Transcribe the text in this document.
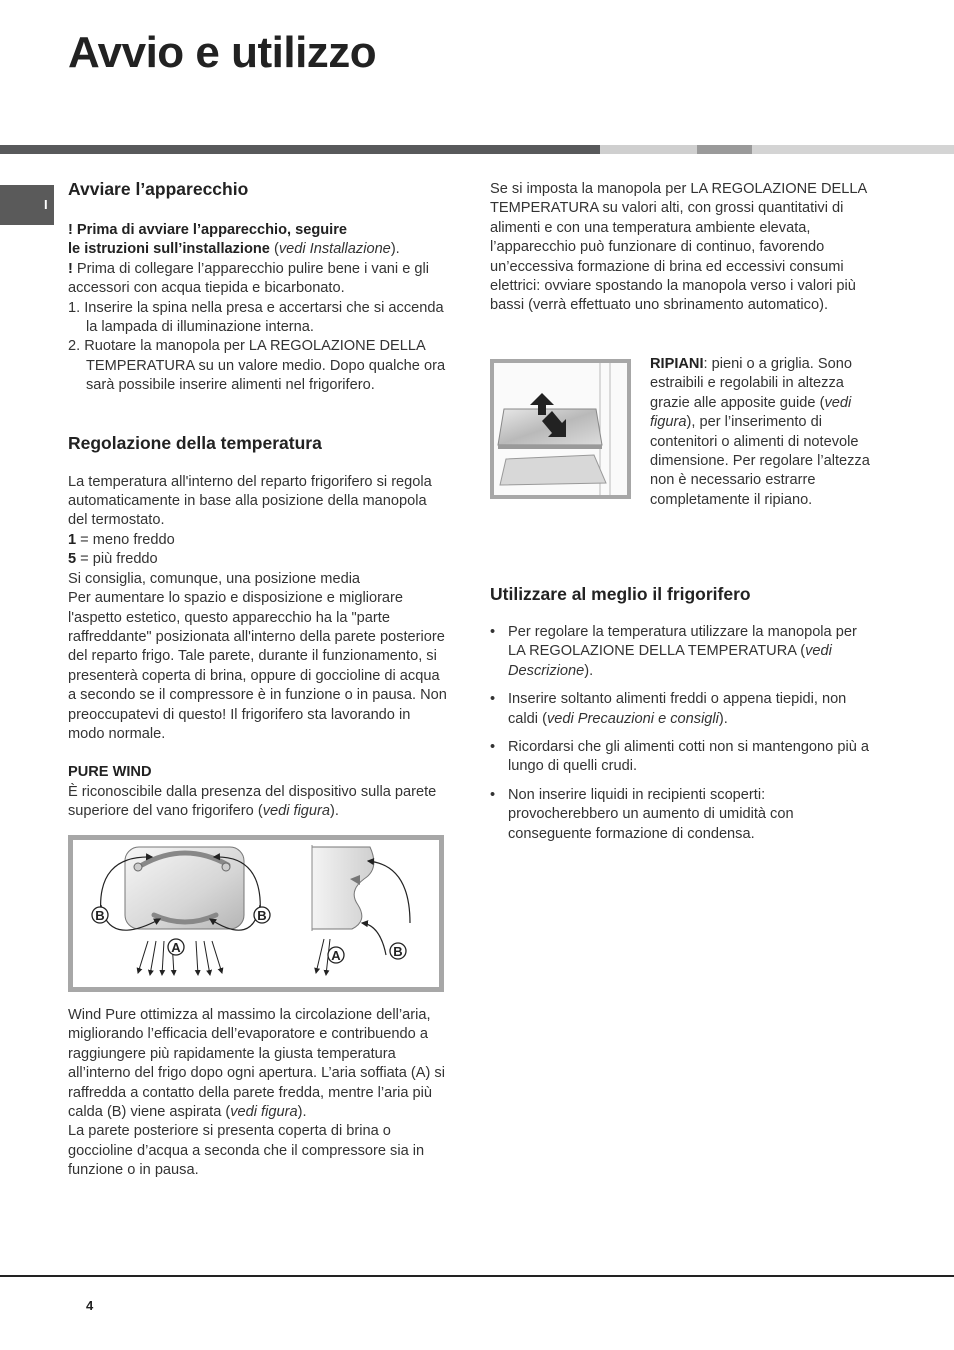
Avvio e utilizzo
I
Avviare l’apparecchio

! Prima di avviare l’apparecchio, seguire
le istruzioni sull’installazione (vedi Installazione).

! Prima di collegare l’apparecchio pulire bene i vani e gli accessori con acqua tiepida e bicarbonato.

1. Inserire la spina nella presa e accertarsi che si accenda la lampada di illuminazione interna.

2. Ruotare la manopola per LA REGOLAZIONE DELLA TEMPERATURA su un valore medio. Dopo qualche ora sarà possibile inserire alimenti nel frigorifero.

Regolazione della temperatura

La temperatura all'interno del reparto frigorifero si regola automaticamente in base alla posizione della manopola del termostato.

1 = meno freddo

5 = più freddo

Si consiglia, comunque, una posizione media

Per aumentare lo spazio e disposizione e migliorare l'aspetto estetico, questo apparecchio ha la "parte raffreddante" posizionata all'interno della parete posteriore del reparto frigo. Tale parete, durante il funzionamento, si presenterà coperta di brina, oppure di goccioline di acqua a secondo se il compressore è in funzione o in pausa. Non preoccupatevi di questo! Il frigorifero sta lavorando in modo normale.

PURE WIND

È riconoscibile dalla presenza del dispositivo sulla parete superiore del vano frigorifero (vedi figura).

B	B
A
A	B

Wind Pure ottimizza al massimo la circolazione dell’aria, migliorando l’efficacia dell’evaporatore e contribuendo a raggiungere più rapidamente la giusta temperatura all’interno del frigo dopo ogni apertura. L’aria soffiata (A) si raffredda a contatto della parete fredda, mentre l’aria più calda (B) viene aspirata (vedi figura).

La parete posteriore si presenta coperta di brina o goccioline d’acqua a seconda che il compressore sia in funzione o in pausa.

Se si imposta la manopola per LA REGOLAZIONE DELLA TEMPERATURA su valori alti, con grossi quantitativi di alimenti e con una temperatura ambiente elevata, l’apparecchio può funzionare di continuo, favorendo un’eccessiva formazione di brina ed eccessivi consumi elettrici: ovviare spostando la manopola verso i valori più bassi (verrà effettuato uno sbrinamento automatico).

RIPIANI: pieni o a griglia. Sono estraibili e regolabili in altezza grazie alle apposite guide (vedi figura), per l’inserimento di contenitori o alimenti di notevole dimensione. Per regolare l’altezza non è necessario estrarre completamente il ripiano.

Utilizzare al meglio il frigorifero
• Per regolare la temperatura utilizzare la manopola per LA REGOLAZIONE DELLA TEMPERATURA (vedi Descrizione).
• Inserire soltanto alimenti freddi o appena tiepidi, non caldi (vedi Precauzioni e consigli).
• Ricordarsi che gli alimenti cotti non si mantengono più a lungo di quelli crudi.
• Non inserire liquidi in recipienti scoperti: provocherebbero un aumento di umidità con conseguente formazione di condensa.
4
